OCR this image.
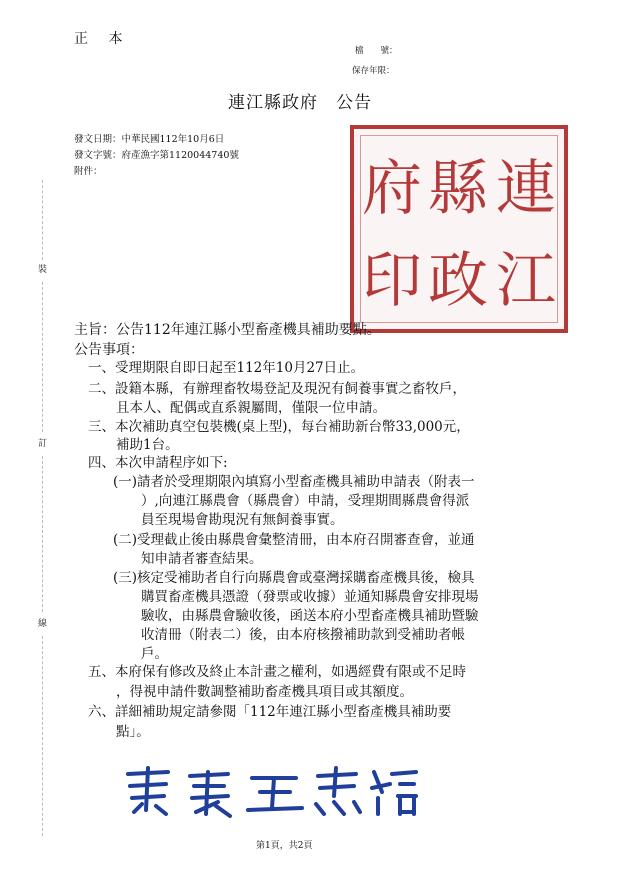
正 本
檔　　號：
保存年限：
連江縣政府　公告
發文日期：中華民國112年10月6日
發文字號：府產漁字第1120044740號
附件：	連
江
縣
政
府
印
裝
訂
線
主旨：公告112年連江縣小型畜產機具補助要點。
公告事項：
一、受理期限自即日起至112年10月27日止。
二、設籍本縣，有辦理畜牧場登記及現況有飼養事實之畜牧戶，
且本人、配偶或直系親屬間，僅限一位申請。
三、本次補助真空包裝機(桌上型)，每台補助新台幣33,000元，
補助1台。
四、本次申請程序如下:
(一)請者於受理期限內填寫小型畜產機具補助申請表（附表一
）,向連江縣農會（縣農會）申請，受理期間縣農會得派
員至現場會勘現況有無飼養事實。
(二)受理截止後由縣農會彙整清冊，由本府召開審查會，並通
知申請者審查結果。
(三)核定受補助者自行向縣農會或臺灣採購畜產機具後，檢具
購買畜產機具憑證（發票或收據）並通知縣農會安排現場
驗收，由縣農會驗收後，函送本府小型畜產機具補助暨驗
收清冊（附表二）後，由本府核撥補助款到受補助者帳
戶。
五、本府保有修改及終止本計畫之權利，如遇經費有限或不足時
，得視申請件數調整補助畜產機具項目或其額度。
六、詳細補助規定請參閱「112年連江縣小型畜產機具補助要
點」。
第1頁，共2頁
